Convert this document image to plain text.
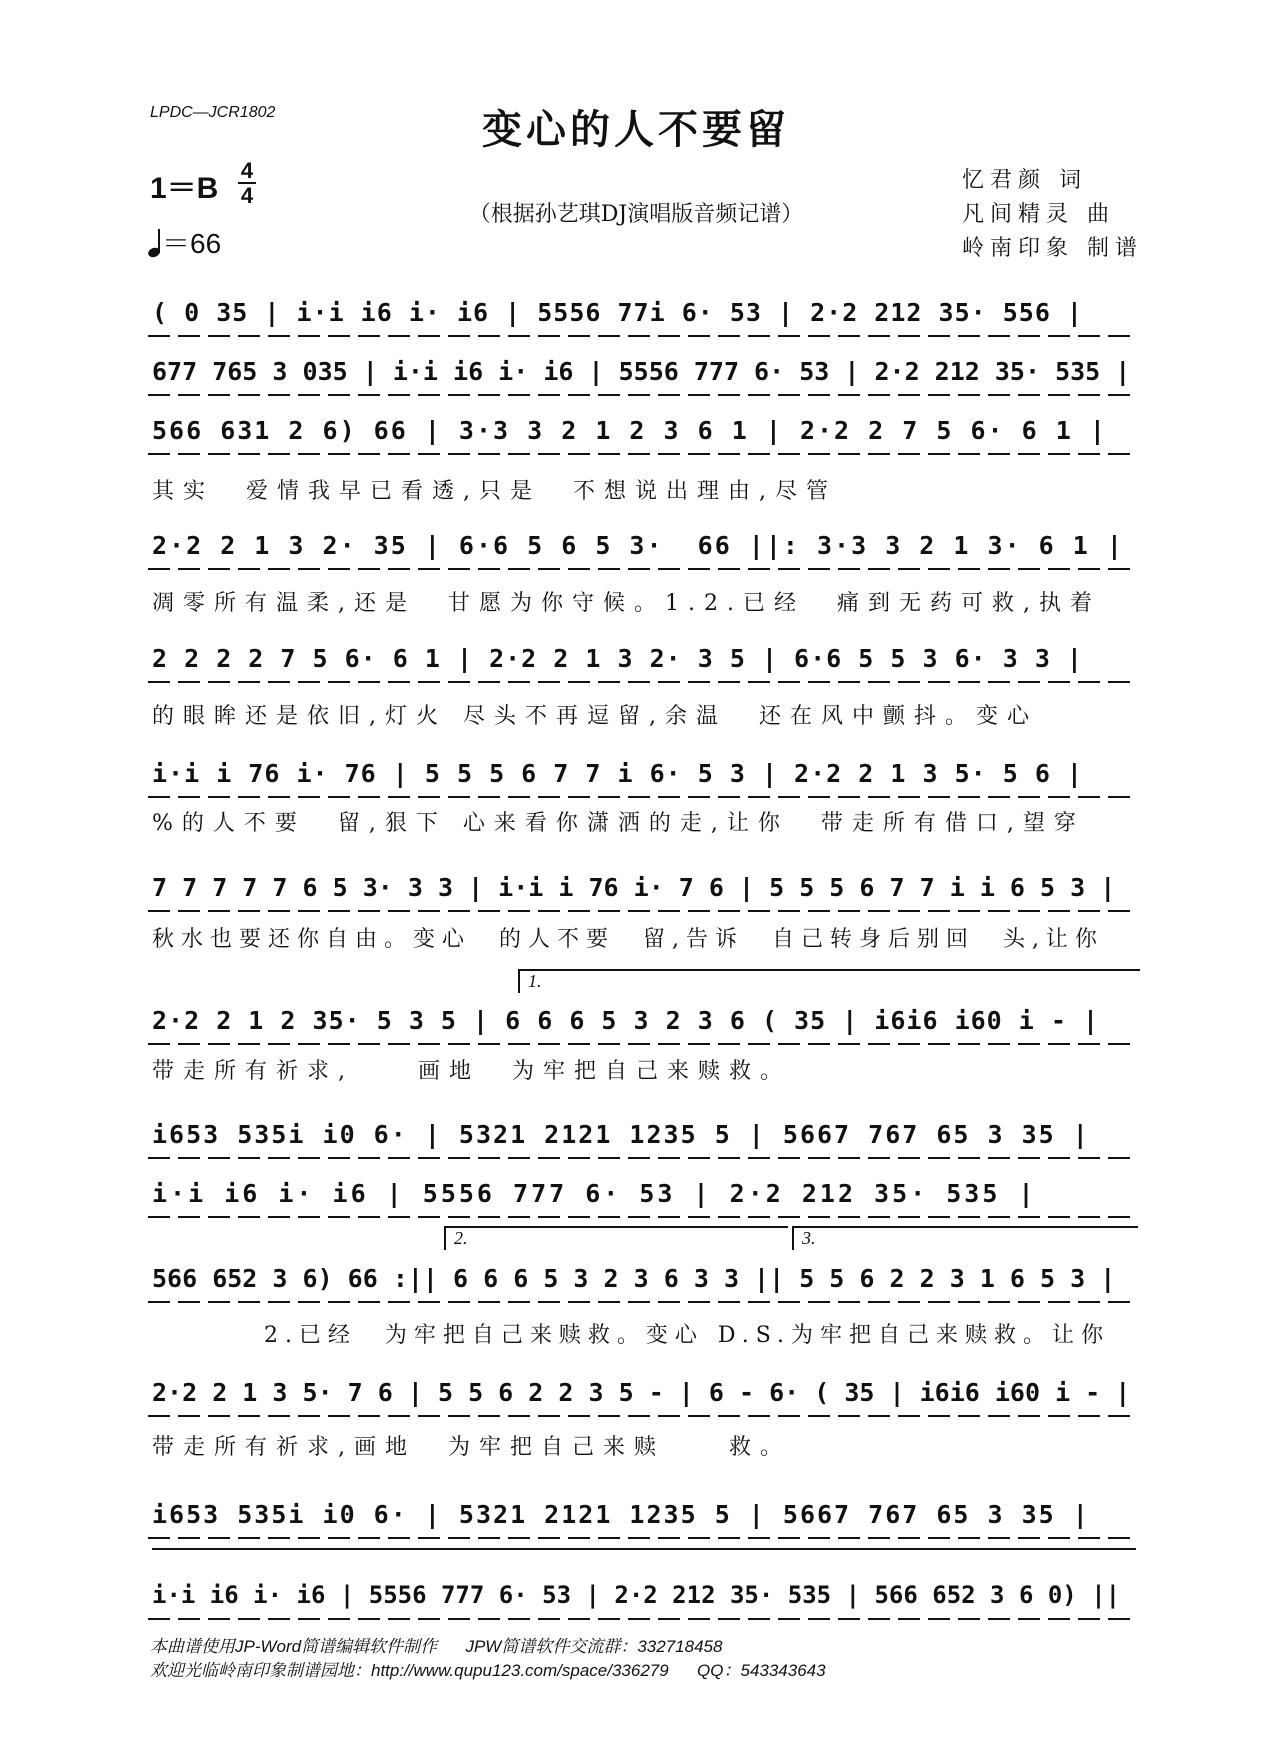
LPDC—JCR1802	变心的人不要留
1＝B
4
4
＝66
（根据孙艺琪DJ演唱版音频记谱）
忆君颜 词
凡间精灵 曲
岭南印象 制谱
( 0 35 | i·i i6 i· i6 | 5556 77i 6· 53 | 2·2 212 35· 556 |
677 765 3 035 | i·i i6 i· i6 | 5556 777 6· 53 | 2·2 212 35· 535 |
566 631 2 6) 66 | 3·3 3 2 1 2 3 6 1 | 2·2 2 7 5 6· 6 1 |
其实  爱情我早已看透,只是  不想说出理由,尽管
2·2 2 1 3 2· 35 | 6·6 5 6 5 3·  66 ||: 3·3 3 2 1 3· 6 1 |
凋零所有温柔,还是  甘愿为你守候。1.2.已经  痛到无药可救,执着
2 2 2 2 7 5 6· 6 1 | 2·2 2 1 3 2· 3 5 | 6·6 5 5 3 6· 3 3 |
的眼眸还是依旧,灯火 尽头不再逗留,余温  还在风中颤抖。变心
i·i i 76 i· 76 | 5 5 5 6 7 7 i 6· 5 3 | 2·2 2 1 3 5· 5 6 |
%的人不要  留,狠下 心来看你潇洒的走,让你  带走所有借口,望穿
7 7 7 7 7 6 5 3· 3 3 | i·i i 76 i· 7 6 | 5 5 5 6 7 7 i i 6 5 3 |
秋水也要还你自由。变心  的人不要  留,告诉  自己转身后别回  头,让你
1.
2·2 2 1 2 35· 5 3 5 | 6 6 6 5 3 2 3 6 ( 35 | i6i6 i60 i - |
带走所有祈求,    画地  为牢把自己来赎救。
i653 535i i0 6· | 5321 2121 1235 5 | 5667 767 65 3 35 |
i·i i6 i· i6 | 5556 777 6· 53 | 2·2 212 35· 535 |
2.	3.
566 652 3 6) 66 :|| 6 6 6 5 3 2 3 6 3 3 || 5 5 6 2 2 3 1 6 5 3 |
2.已经  为牢把自己来赎救。变心 D.S.为牢把自己来赎救。让你
2·2 2 1 3 5· 7 6 | 5 5 6 2 2 3 5 - | 6 - 6· ( 35 | i6i6 i60 i - |
带走所有祈求,画地  为牢把自己来赎    救。
i653 535i i0 6· | 5321 2121 1235 5 | 5667 767 65 3 35 |
i·i i6 i· i6 | 5556 777 6· 53 | 2·2 212 35· 535 | 566 652 3 6 0) ||
本曲谱使用JP-Word简谱编辑软件制作      JPW简谱软件交流群：332718458
欢迎光临岭南印象制谱园地：http://www.qupu123.com/space/336279      QQ：543343643
